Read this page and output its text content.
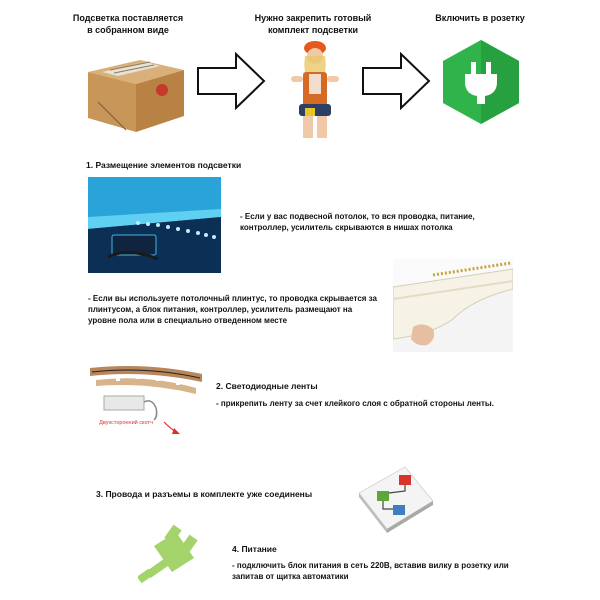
Подсветка поставляется
в собранном виде
Нужно закрепить готовый
комплект подсветки
Включить в розетку
1. Размещение элементов подсветки
- Если у вас подвесной потолок, то вся проводка, питание, контроллер, усилитель скрываются в нишах потолка
- Если вы используете потолочный плинтус, то проводка скрывается за плинтусом, а блок питания, контроллер, усилитель размещают на уровне пола или в специально отведенном месте
Двухсторонний скотч
2. Светодиодные ленты
- прикрепить ленту за счет клейкого слоя с обратной стороны ленты.
3. Провода и разъемы в комплекте уже соединены
4. Питание
- подключить блок питания в сеть 220В, вставив вилку в розетку или запитав от щитка автоматики
